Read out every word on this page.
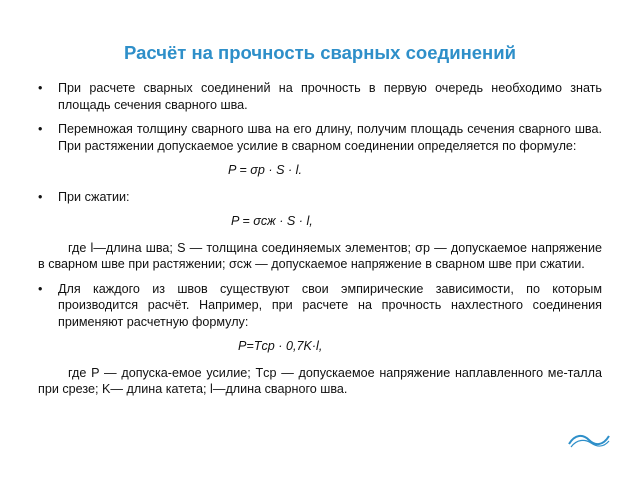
Расчёт на прочность сварных соединений
• При расчете сварных соединений на прочность в первую очередь необходимо знать площадь сечения сварного шва.
• Перемножая толщину сварного шва на его длину, получим площадь сечения сварного шва. При растяжении допускаемое усилие в сварном соединении определяется по формуле:
P = σp · S · l.
• При сжатии:
P = σсж · S · l,
где l—длина шва; S — толщина соединяемых элементов; σp — допускаемое напряжение в сварном шве при растяжении; σсж — допускаемое напряжение в сварном шве при сжатии.
• Для каждого из швов существуют свои эмпирические зависимости, по которым производится расчёт. Например, при расчете на прочность нахлестного соединения применяют расчетную формулу:
P=Tср · 0,7K·l,
где P — допуска-емое усилие; Tср — допускаемое напряжение наплавленного ме-талла при срезе; K— длина катета; l—длина сварного шва.
